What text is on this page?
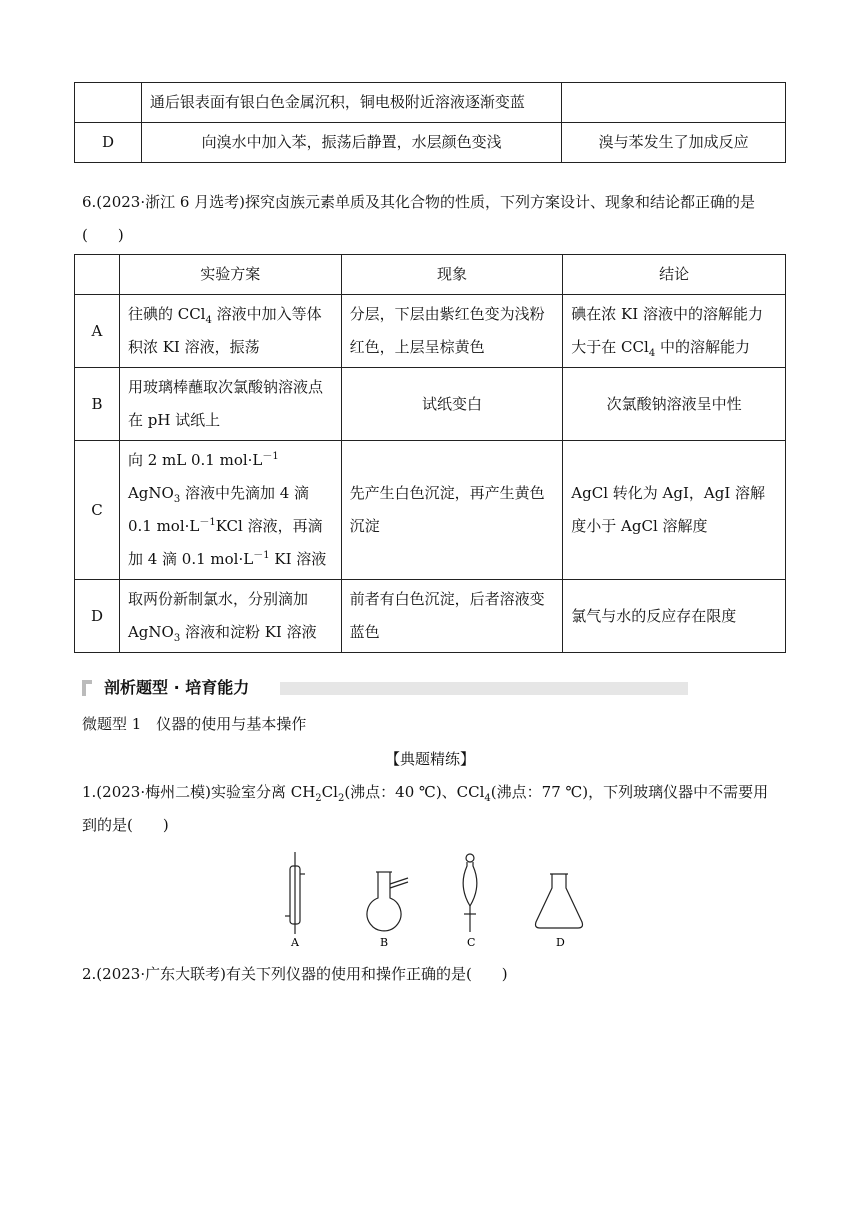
	通后银表面有银白色金属沉积，铜电极附近溶液逐渐变蓝	
D	向溴水中加入苯，振荡后静置，水层颜色变浅	溴与苯发生了加成反应
6.(2023·浙江 6 月选考)探究卤族元素单质及其化合物的性质，下列方案设计、现象和结论都正确的是(　　)
	实验方案	现象	结论
A	往碘的 CCl$_4$ 溶液中加入等体积浓 KI 溶液，振荡	分层，下层由紫红色变为浅粉红色，上层呈棕黄色	碘在浓 KI 溶液中的溶解能力大于在 CCl$_4$ 中的溶解能力
B	用玻璃棒蘸取次氯酸钠溶液点在 pH 试纸上	试纸变白	次氯酸钠溶液呈中性
C	向 2 mL 0.1 $mol\cdot L^{-1}$ AgNO$_3$ 溶液中先滴加 4 滴 0.1 $mol\cdot L^{-1}KCl$ 溶液，再滴加 4 滴 0.1 $mol\cdot L^{-1}$ KI 溶液	先产生白色沉淀，再产生黄色沉淀	AgCl 转化为 AgI，AgI 溶解度小于 AgCl 溶解度
D	取两份新制氯水，分别滴加 AgNO$_3$ 溶液和淀粉 KI 溶液	前者有白色沉淀，后者溶液变蓝色	氯气与水的反应存在限度
剖析题型 · 培育能力
微题型 1　仪器的使用与基本操作
【典题精练】
1.(2023·梅州二模)实验室分离 $CH_2Cl_2$(沸点：40 ℃)、CCl$_4$(沸点：77 ℃)，下列玻璃仪器中不需要用到的是(　　)
A	B	C	D
2.(2023·广东大联考)有关下列仪器的使用和操作正确的是(　　)
